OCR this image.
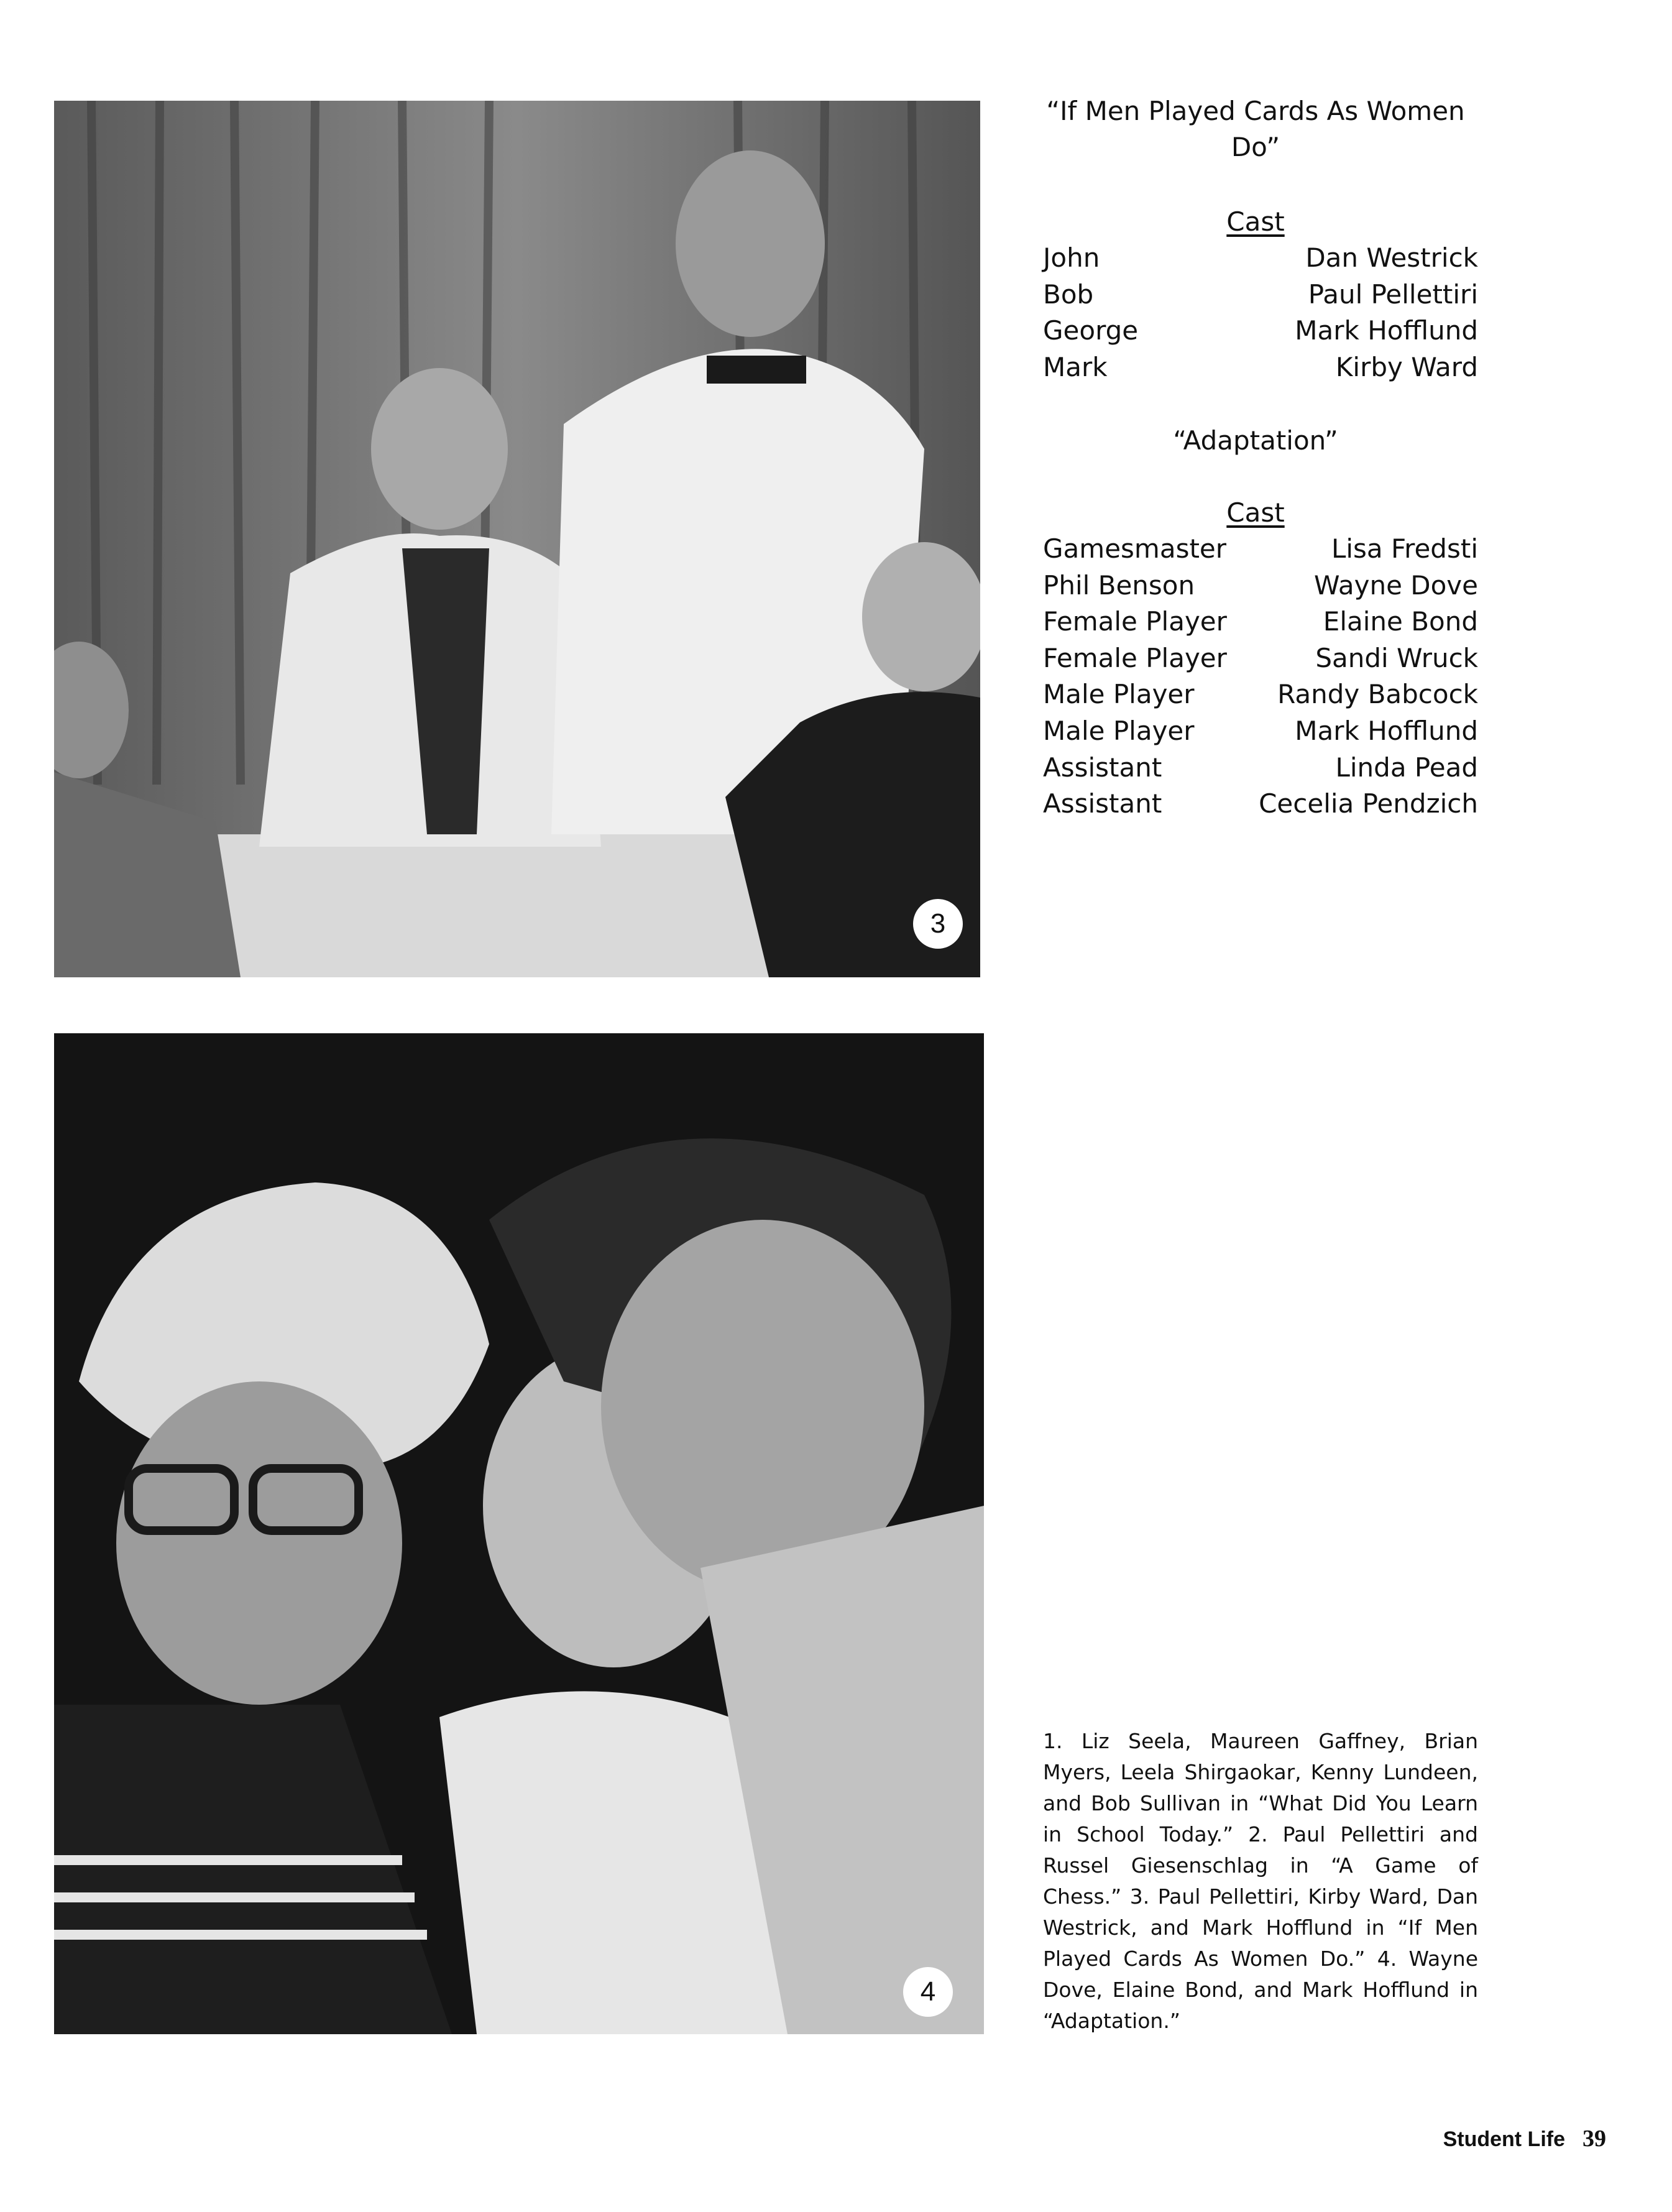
3
4
“If Men Played Cards As Women Do”
Cast
John	Dan Westrick
Bob	Paul Pellettiri
George	Mark Hofflund
Mark	Kirby Ward
“Adaptation”
Cast
Gamesmaster	Lisa Fredsti
Phil Benson	Wayne Dove
Female Player	Elaine Bond
Female Player	Sandi Wruck
Male Player	Randy Babcock
Male Player	Mark Hofflund
Assistant	Linda Pead
Assistant	Cecelia Pendzich

1. Liz Seela, Maureen Gaffney, Brian Myers, Leela Shirgaokar, Kenny Lundeen, and Bob Sullivan in “What Did You Learn in School Today.” 2. Paul Pellettiri and Russel Giesenschlag in “A Game of Chess.” 3. Paul Pellettiri, Kirby Ward, Dan Westrick, and Mark Hofflund in “If Men Played Cards As Women Do.” 4. Wayne Dove, Elaine Bond, and Mark Hofflund in “Adaptation.”

Student Life 39
